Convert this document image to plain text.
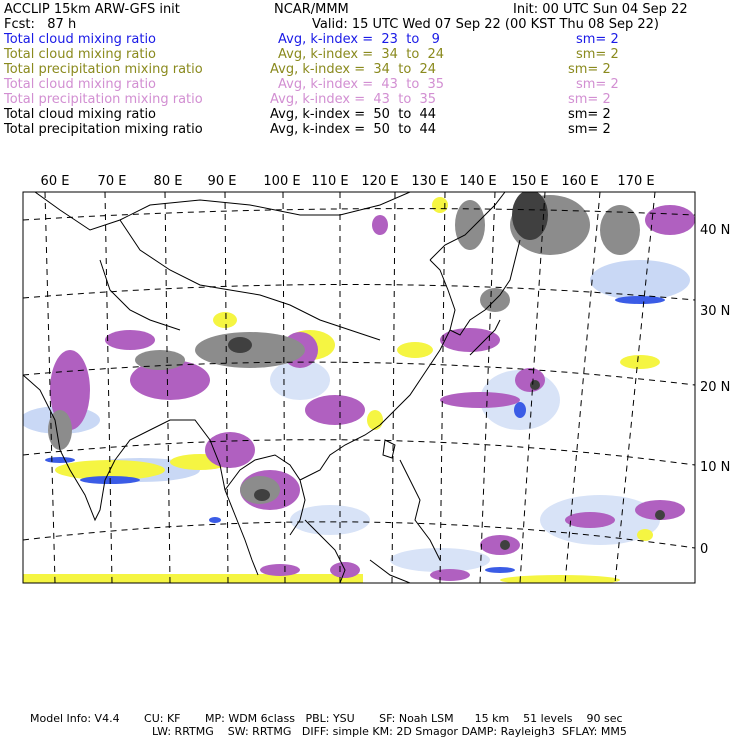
ACCLIP 15km ARW-GFS init	NCAR/MMM	Init: 00 UTC Sun 04 Sep 22
Fcst:   87 h	Valid: 15 UTC Wed 07 Sep 22 (00 KST Thu 08 Sep 22)
Total cloud mixing ratio	Avg, k-index =  23  to   9	sm= 2
Total cloud mixing ratio	Avg, k-index =  34  to  24	sm= 2
Total precipitation mixing ratio	Avg, k-index =  34  to  24	sm= 2
Total cloud mixing ratio	Avg, k-index =  43  to  35	sm= 2
Total precipitation mixing ratio	Avg, k-index =  43  to  35	sm= 2
Total cloud mixing ratio	Avg, k-index =  50  to  44	sm= 2
Total precipitation mixing ratio	Avg, k-index =  50  to  44	sm= 2
60 E 70 E 80 E 90 E 100 E 110 E 120 E 130 E 140 E 150 E 160 E 170 E
40 N
30 N
20 N
10 N
0
Model Info: V4.4       CU: KF       MP: WDM 6class   PBL: YSU       SF: Noah LSM      15 km    51 levels    90 sec
LW: RRTMG    SW: RRTMG   DIFF: simple KM: 2D Smagor DAMP: Rayleigh3  SFLAY: MM5
